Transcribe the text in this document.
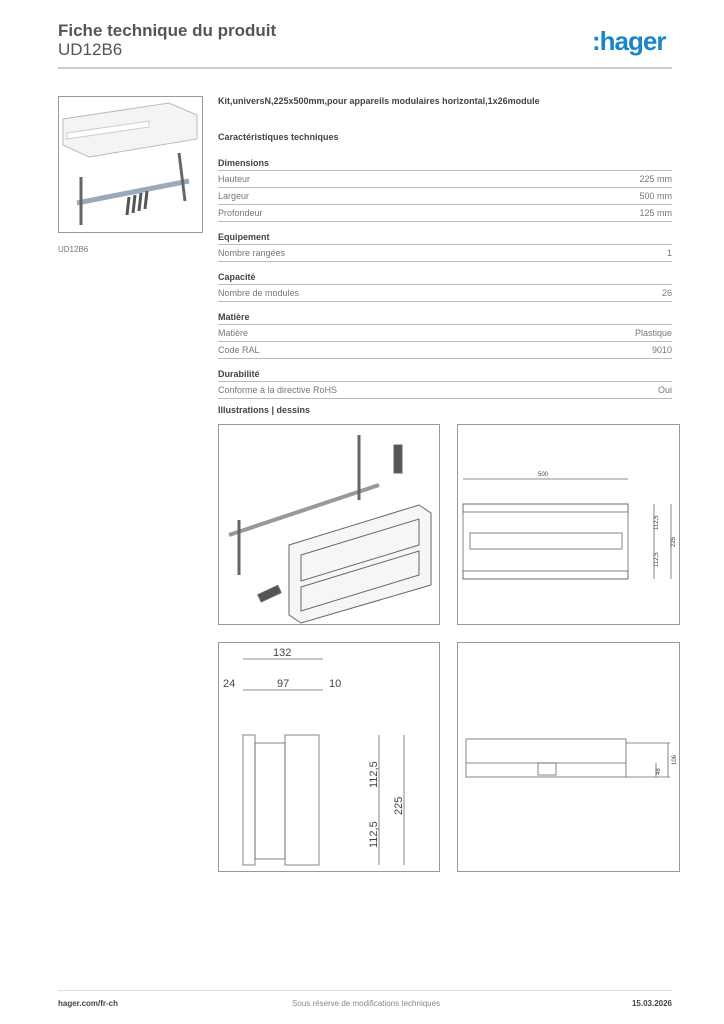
Fiche technique du produit
UD12B6	:hager
UD12B6
Kit,universN,225x500mm,pour appareils modulaires horizontal,1x26module
Caractéristiques techniques
Dimensions
Hauteur	225 mm
Largeur	500 mm
Profondeur	125 mm
Equipement
Nombre rangées	1
Capacité
Nombre de modules	26
Matière
Matière	Plastique
Code RAL	9010
Durabilité
Conforme à la directive RoHS	Oui
Illustrations | dessins
500
112,5
112,5
225
132
24	97	10
112,5
112,5
225
48
106
hager.com/fr-ch	Sous réserve de modifications techniques	15.03.2026
